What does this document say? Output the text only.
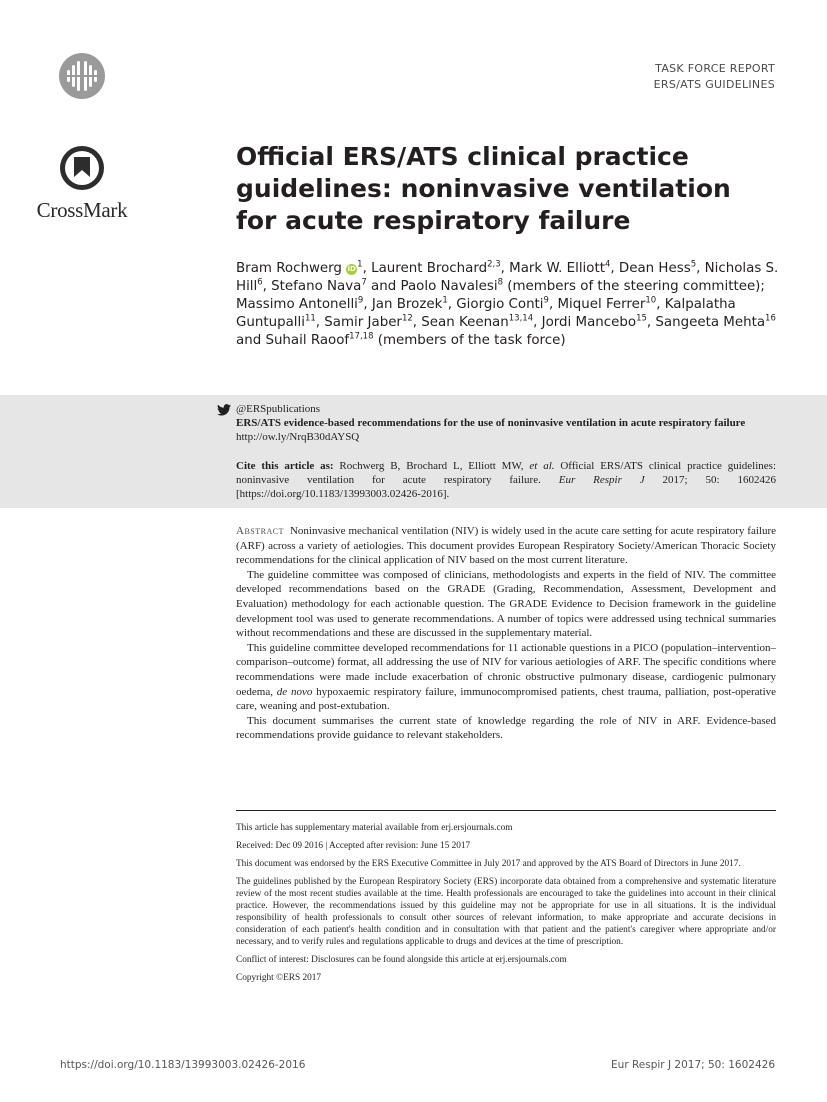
TASK FORCE REPORT
ERS/ATS GUIDELINES
CrossMark
Official ERS/ATS clinical practice guidelines: noninvasive ventilation for acute respiratory failure
Bram Rochwerg $iD^1$, Laurent Brochard$^{2,3}$, Mark W. Elliott$^4$, Dean Hess$^5$, Nicholas S. Hill$^6$, Stefano Nava$^7$ and Paolo Navalesi$^8$ (members of the steering committee); Massimo Antonelli$^9$, Jan Brozek$^1$, Giorgio Conti$^9$, Miquel Ferrer$^{10}$, Kalpalatha Guntupalli$^{11}$, Samir Jaber$^{12}$, Sean Keenan$^{13,14}$, Jordi Mancebo$^{15}$, Sangeeta Mehta$^{16}$ and Suhail Raoof$^{17,18}$ (members of the task force)
@ERSpublications
ERS/ATS evidence-based recommendations for the use of noninvasive ventilation in acute respiratory failure http://ow.ly/NrqB30dAYSQ
Cite this article as: Rochwerg B, Brochard L, Elliott MW, et al. Official ERS/ATS clinical practice guidelines: noninvasive ventilation for acute respiratory failure. Eur Respir J 2017; 50: 1602426 [https://doi.org/10.1183/13993003.02426-2016].

Abstract Noninvasive mechanical ventilation (NIV) is widely used in the acute care setting for acute respiratory failure (ARF) across a variety of aetiologies. This document provides European Respiratory Society/American Thoracic Society recommendations for the clinical application of NIV based on the most current literature.

The guideline committee was composed of clinicians, methodologists and experts in the field of NIV. The committee developed recommendations based on the GRADE (Grading, Recommendation, Assessment, Development and Evaluation) methodology for each actionable question. The GRADE Evidence to Decision framework in the guideline development tool was used to generate recommendations. A number of topics were addressed using technical summaries without recommendations and these are discussed in the supplementary material.

This guideline committee developed recommendations for 11 actionable questions in a PICO (population–intervention–comparison–outcome) format, all addressing the use of NIV for various aetiologies of ARF. The specific conditions where recommendations were made include exacerbation of chronic obstructive pulmonary disease, cardiogenic pulmonary oedema, de novo hypoxaemic respiratory failure, immunocompromised patients, chest trauma, palliation, post-operative care, weaning and post-extubation.

This document summarises the current state of knowledge regarding the role of NIV in ARF. Evidence-based recommendations provide guidance to relevant stakeholders.

This article has supplementary material available from erj.ersjournals.com

Received: Dec 09 2016 | Accepted after revision: June 15 2017

This document was endorsed by the ERS Executive Committee in July 2017 and approved by the ATS Board of Directors in June 2017.

The guidelines published by the European Respiratory Society (ERS) incorporate data obtained from a comprehensive and systematic literature review of the most recent studies available at the time. Health professionals are encouraged to take the guidelines into account in their clinical practice. However, the recommendations issued by this guideline may not be appropriate for use in all situations. It is the individual responsibility of health professionals to consult other sources of relevant information, to make appropriate and accurate decisions in consideration of each patient's health condition and in consultation with that patient and the patient's caregiver where appropriate and/or necessary, and to verify rules and regulations applicable to drugs and devices at the time of prescription.

Conflict of interest: Disclosures can be found alongside this article at erj.ersjournals.com

Copyright ©ERS 2017

https://doi.org/10.1183/13993003.02426-2016	Eur Respir J 2017; 50: 1602426
